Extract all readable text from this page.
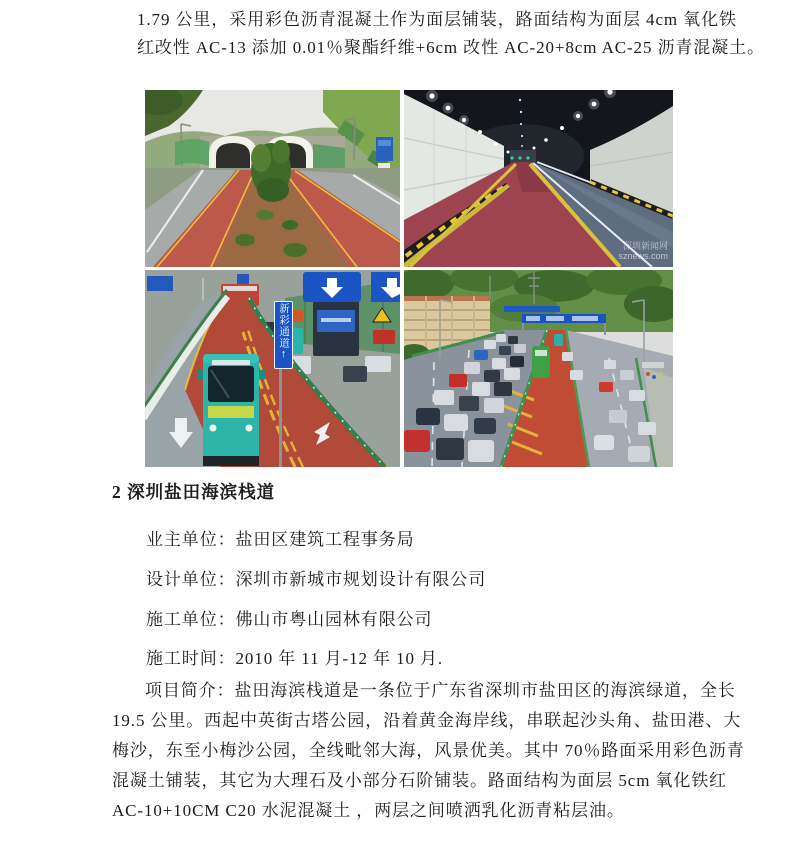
1.79 公里，采用彩色沥青混凝土作为面层铺装，路面结构为面层 4cm 氧化铁
红改性 AC-13 添加 0.01％聚酯纤维+6cm 改性 AC-20+8cm AC-25 沥青混凝土。
深圳新闻网
sznews.com
新彩通道
↑
2 深圳盐田海滨栈道
业主单位：盐田区建筑工程事务局
设计单位：深圳市新城市规划设计有限公司
施工单位：佛山市粤山园林有限公司
施工时间：2010 年 11 月-12 年 10 月.
项目简介：盐田海滨栈道是一条位于广东省深圳市盐田区的海滨绿道，全长
19.5 公里。西起中英街古塔公园，沿着黄金海岸线，串联起沙头角、盐田港、大
梅沙，东至小梅沙公园，全线毗邻大海，风景优美。其中 70％路面采用彩色沥青
混凝土铺装，其它为大理石及小部分石阶铺装。路面结构为面层 5cm 氧化铁红
AC-10+10CM C20 水泥混凝土 ，两层之间喷洒乳化沥青粘层油。
